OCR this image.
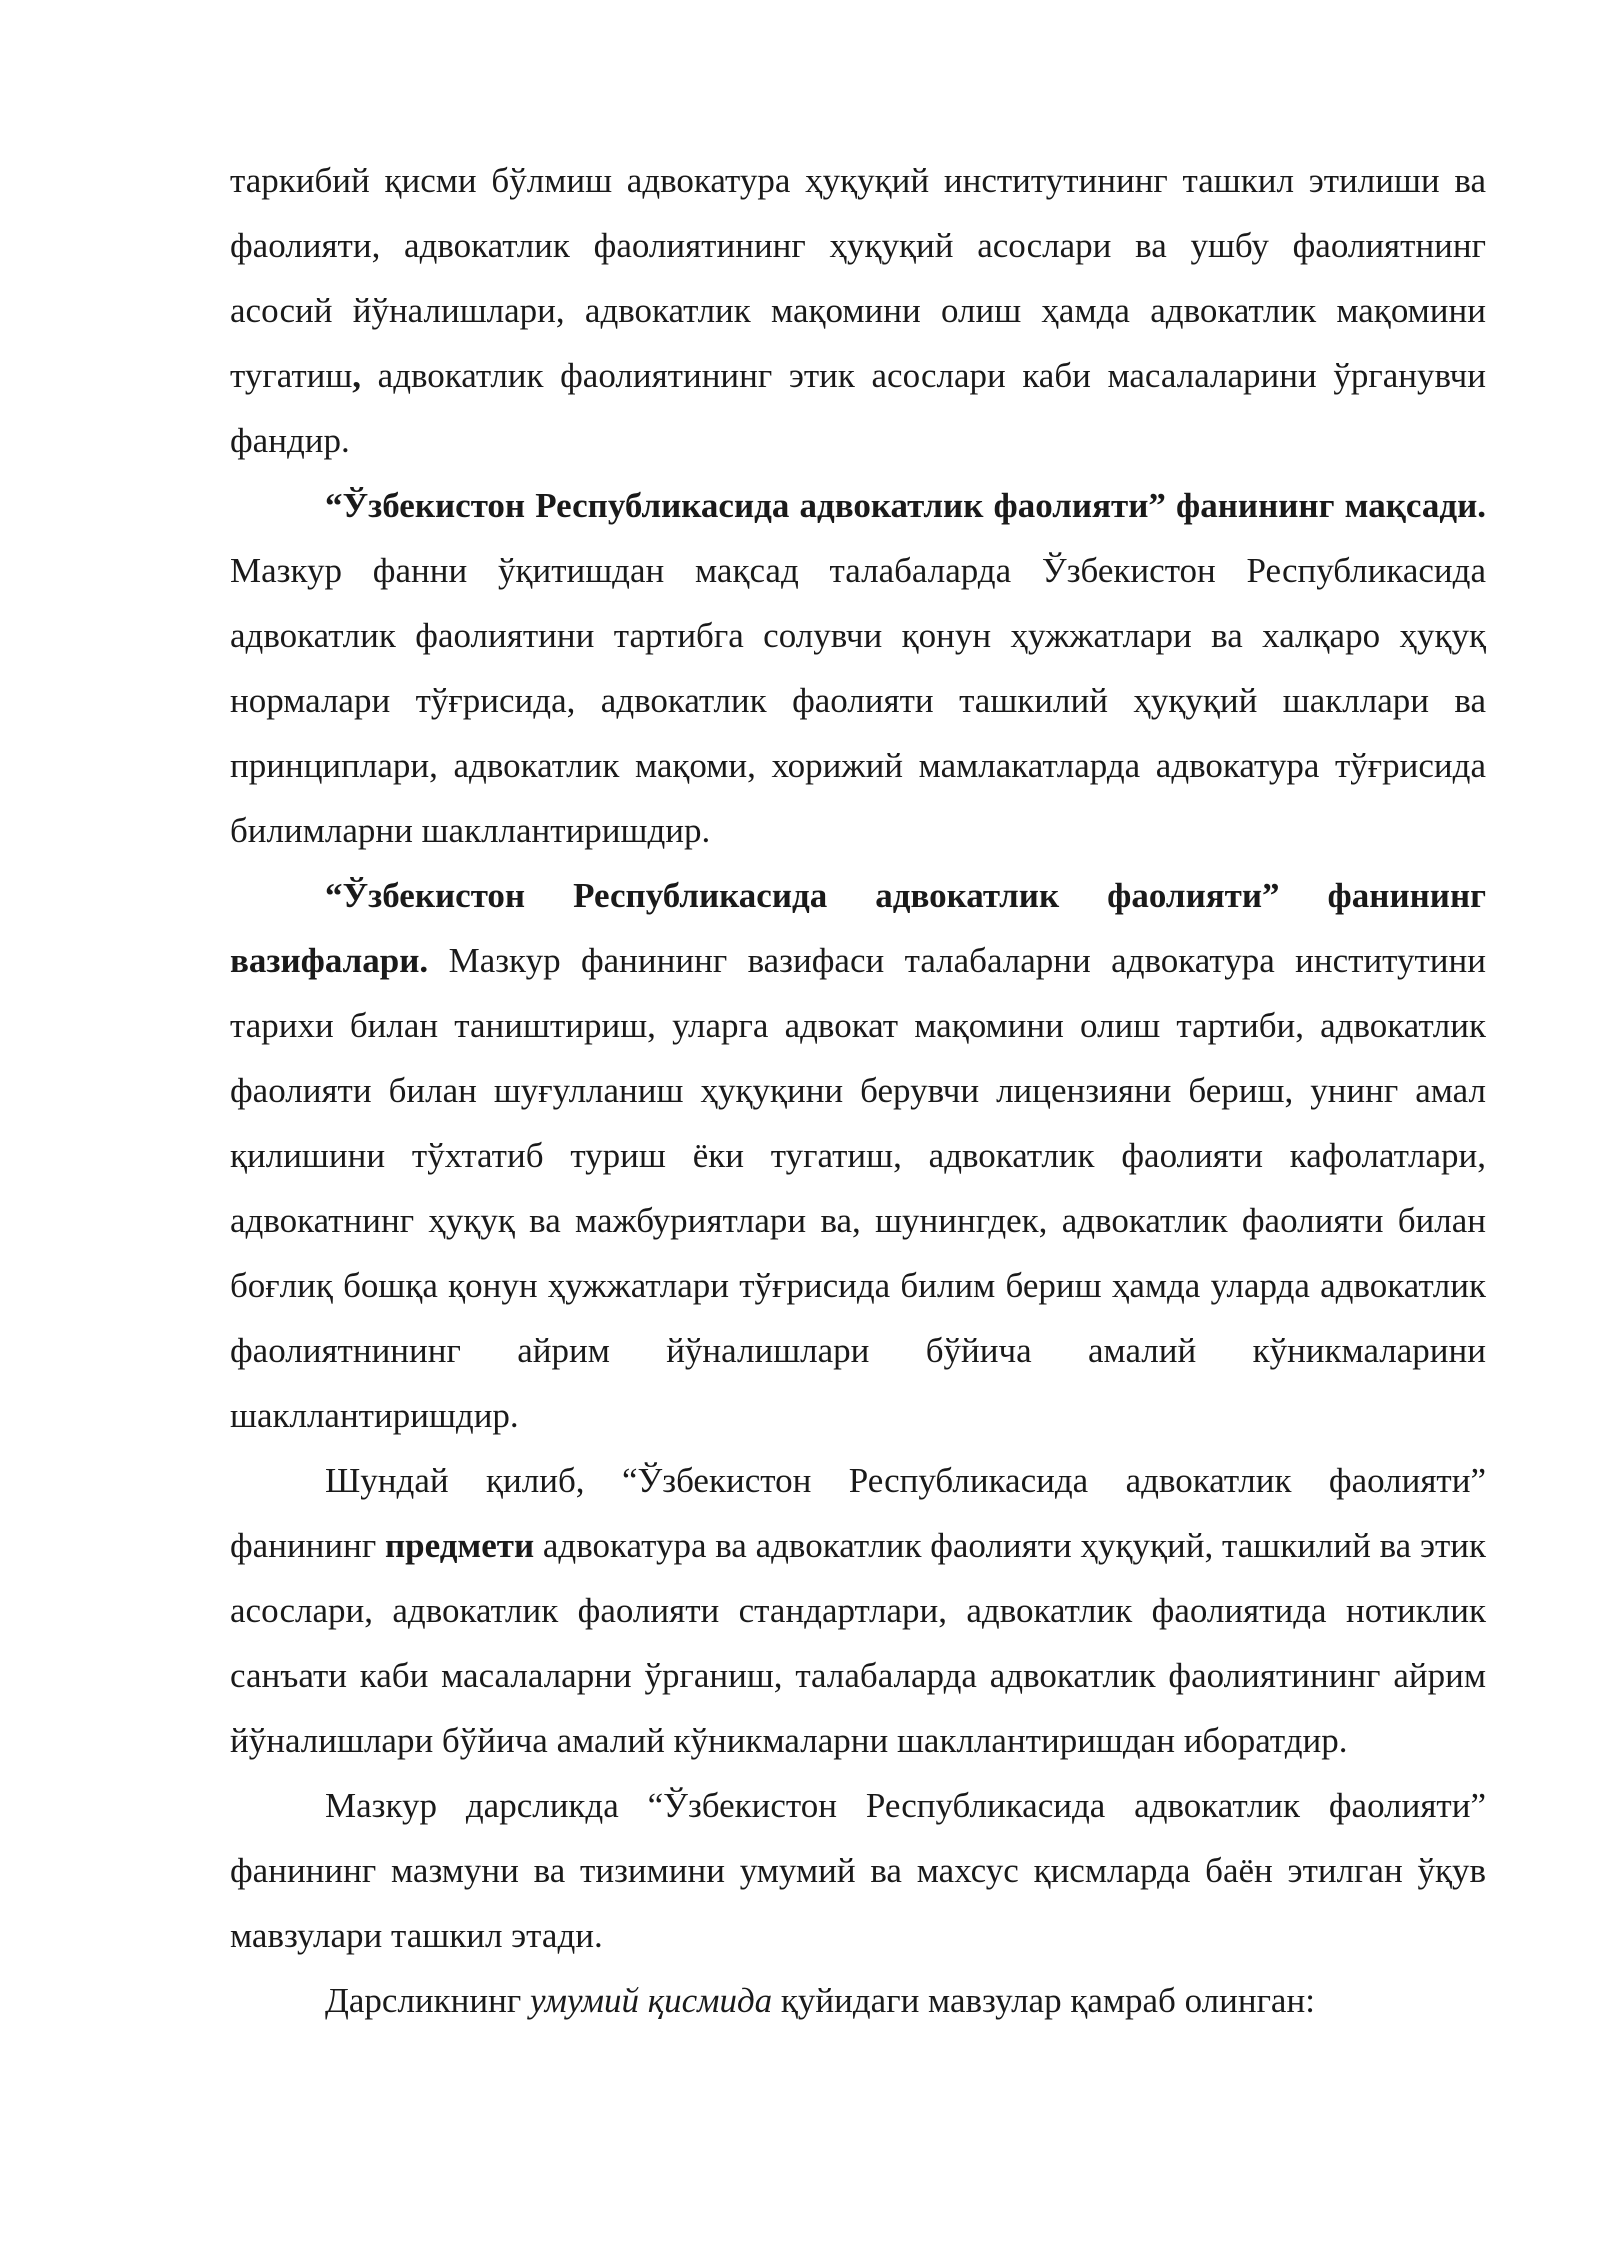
таркибий қисми бўлмиш адвокатура ҳуқуқий институтининг ташкил этилиши ва фаолияти, адвокатлик фаолиятининг ҳуқуқий асослари ва ушбу фаолиятнинг асосий йўналишлари, адвокатлик мақомини олиш ҳамда адвокатлик мақомини тугатиш, адвокатлик фаолиятининг этик асослари каби масалаларини ўрганувчи фандир.

“Ўзбекистон Республикасида адвокатлик фаолияти” фанининг мақсади. Мазкур фанни ўқитишдан мақсад талабаларда Ўзбекистон Республикасида адвокатлик фаолиятини тартибга солувчи қонун ҳужжатлари ва халқаро ҳуқуқ нормалари тўғрисида, адвокатлик фаолияти ташкилий ҳуқуқий шакллари ва принциплари, адвокатлик мақоми, хорижий мамлакатларда адвокатура тўғрисида билимларни шакллантиришдир.

“Ўзбекистон Республикасида адвокатлик фаолияти” фанининг вазифалари. Мазкур фанининг вазифаси талабаларни адвокатура институтини тарихи билан таништириш, уларга адвокат мақомини олиш тартиби, адвокатлик фаолияти билан шуғулланиш ҳуқуқини берувчи лицензияни бериш, унинг амал қилишини тўхтатиб туриш ёки тугатиш, адвокатлик фаолияти кафолатлари, адвокатнинг ҳуқуқ ва мажбуриятлари ва, шунингдек, адвокатлик фаолияти билан боғлиқ бошқа қонун ҳужжатлари тўғрисида билим бериш ҳамда уларда адвокатлик фаолиятнининг айрим йўналишлари бўйича амалий кўникмаларини шакллантиришдир.

Шундай қилиб, “Ўзбекистон Республикасида адвокатлик фаолияти” фанининг предмети адвокатура ва адвокатлик фаолияти ҳуқуқий, ташкилий ва этик асослари, адвокатлик фаолияти стандартлари, адвокатлик фаолиятида нотиклик санъати каби масалаларни ўрганиш, талабаларда адвокатлик фаолиятининг айрим йўналишлари бўйича амалий кўникмаларни шакллантиришдан иборатдир.

Мазкур дарсликда “Ўзбекистон Республикасида адвокатлик фаолияти” фанининг мазмуни ва тизимини умумий ва махсус қисмларда баён этилган ўқув мавзулари ташкил этади.

Дарсликнинг умумий қисмида қуйидаги мавзулар қамраб олинган:
